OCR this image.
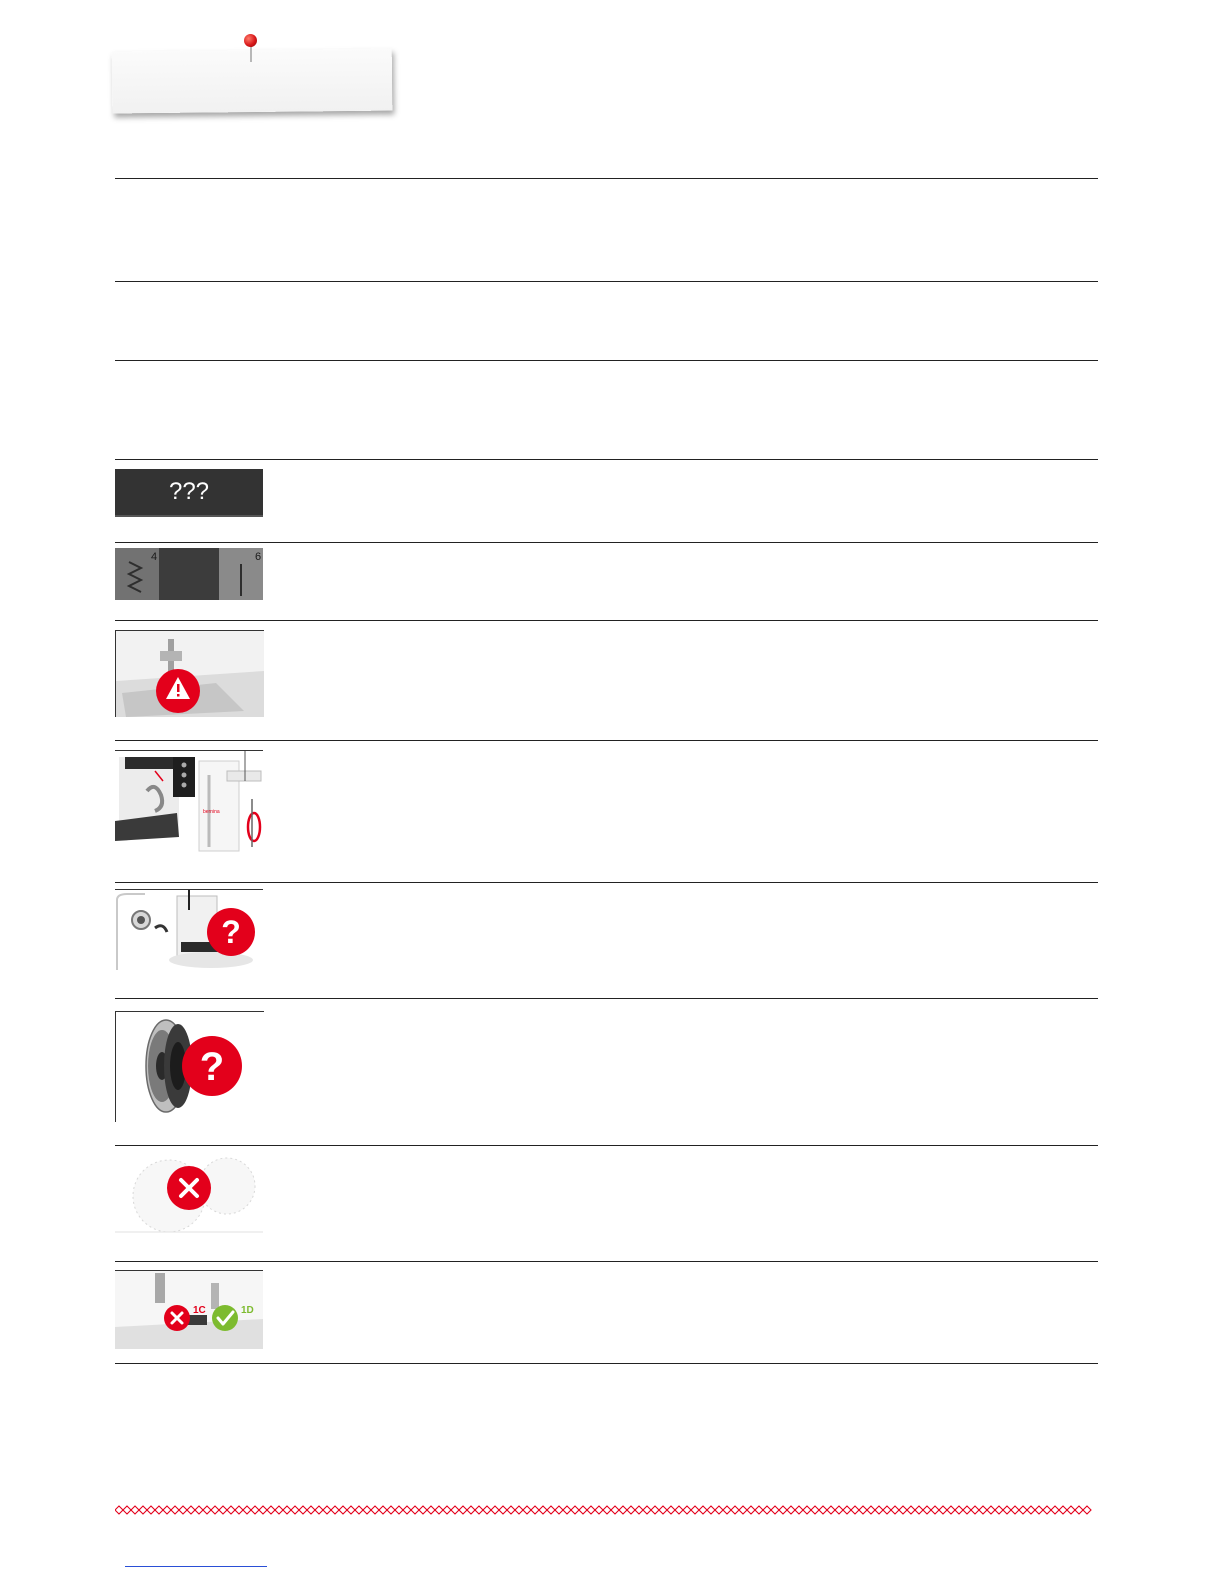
???
4	6
bernina
?
?
1C	1D
